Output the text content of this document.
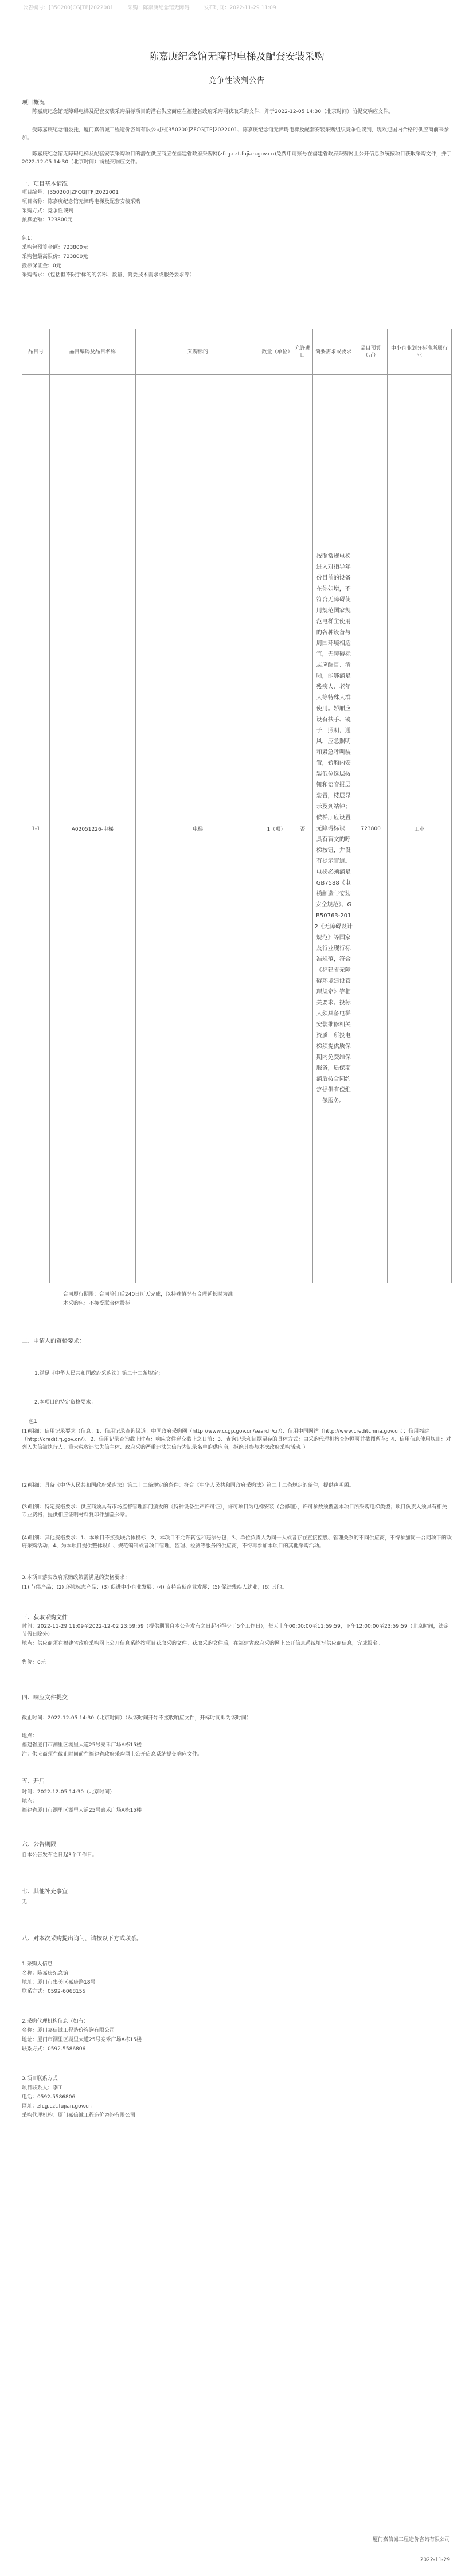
公告编号：[350200]CG[TP]2022001	采购：陈嘉庚纪念馆无障碍	发布时间：2022-11-29 11:09
陈嘉庚纪念馆无障碍电梯及配套安装采购
竞争性谈判公告
项目概况
陈嘉庚纪念馆无障碍电梯及配套安装采购招标项目的潜在供应商应在福建省政府采购网获取采购文件，并于2022-12-05 14:30（北京时间）前提交响应文件。
受陈嘉庚纪念馆委托，厦门嘉信诚工程造价咨询有限公司对[350200]ZFCG[TP]2022001、陈嘉庚纪念馆无障碍电梯及配套安装采购组织竞争性谈判，现欢迎国内合格的供应商前来参加。
陈嘉庚纪念馆无障碍电梯及配套安装采购项目的潜在供应商应在福建省政府采购网(zfcg.czt.fujian.gov.cn)免费申请账号在福建省政府采购网上公开信息系统按项目获取采购文件，并于2022-12-05 14:30（北京时间）前提交响应文件。
一、项目基本情况
项目编号：[350200]ZFCG[TP]2022001
项目名称：陈嘉庚纪念馆无障碍电梯及配套安装采购
采购方式：竞争性谈判
预算金额：723800元
包1：
采购包预算金额：723800元
采购包最高限价：723800元
投标保证金：0元
采购需求：（包括但不限于标的的名称、数量、简要技术需求或服务要求等）
品目号	品目编码及品目名称	采购标的	数量（单位）	允许进口	简要需求或要求	品目预算（元）	中小企业划分标准所属行业
1-1	A02051226-电梯	电梯	1（项）	否	按照常规电梯进入对指导年份目前的设备在你如增，不符合无障碍使用规范国家规范电梯主使用的各种设备与周围环境相适宜，无障碍标志应醒目、清晰，能够满足残疾人、老年人等特殊人群使用。轿厢应设有扶手、镜子，照明，通风，应急照明和紧急呼叫装置，轿厢内安装低位选层按钮和语音报层装置，楼层显示及到站钟；候梯厅应设置无障碍标识，具有盲文的呼梯按钮，并设有提示盲道。电梯必须满足GB7588《电梯制造与安装安全规范》、GB50763-2012《无障碍设计规范》等国家及行业现行标准规范，符合《福建省无障碍环境建设管理规定》等相关要求。投标人须具备电梯安装维修相关资质，所投电梯须提供质保期内免费维保服务，质保期满后按合同约定提供有偿维保服务。	723800	工业
合同履行期限：合同签订后240日历天完成，以特殊情况有合理延长时为准
本采购包：不接受联合体投标
二、申请人的资格要求：
1.满足《中华人民共和国政府采购法》第二十二条规定；
2.本项目的特定资格要求：
包1
(1)明细：信用记录要求（信息：1、信用记录查询渠道：中国政府采购网（http://www.ccgp.gov.cn/search/cr/）、信用中国网站（http://www.creditchina.gov.cn）；信用福建（http://credit.fj.gov.cn/）。2、信用记录查询截止时点：响应文件递交截止之日前；3、查询记录和证据留存的具体方式：由采购代理机构查询网页并截图留存；4、信用信息使用规则：对列入失信被执行人、重大税收违法失信主体、政府采购严重违法失信行为记录名单的供应商，拒绝其参与本次政府采购活动。）
(2)明细：具备《中华人民共和国政府采购法》第二十二条规定的条件：符合《中华人民共和国政府采购法》第二十二条规定的条件，提供声明函。
(3)明细：特定资格要求：供应商须具有市场监督管理部门颁发的《特种设备生产许可证》，许可项目为电梯安装（含修理），许可参数须覆盖本项目所采购电梯类型；项目负责人须具有相关专业资格；提供相应证明材料复印件加盖公章。
(4)明细：其他资格要求：1、本项目不接受联合体投标；2、本项目不允许转包和违法分包；3、单位负责人为同一人或者存在直接控股、管理关系的不同供应商，不得参加同一合同项下的政府采购活动；4、为本项目提供整体设计、规范编制或者项目管理、监理、检测等服务的供应商，不得再参加本项目的其他采购活动。
3.本项目落实政府采购政策需满足的资格要求：
(1) 节能产品；(2) 环境标志产品；(3) 促进中小企业发展；(4) 支持监狱企业发展；(5) 促进残疾人就业；(6) 其他。
三、获取采购文件
时间：2022-11-29 11:09至2022-12-02 23:59:59（提供期限自本公告发布之日起不得少于5个工作日），每天上午00:00:00至11:59:59，下午12:00:00至23:59:59（北京时间，法定节假日除外）
地点：供应商须在福建省政府采购网上公开信息系统按项目获取采购文件。获取采购文件后，在福建省政府采购网上公开信息系统填写供应商信息，完成报名。
售价：0元
四、响应文件提交
截止时间：2022-12-05 14:30（北京时间）（从该时间开始不接收响应文件，开标时间即为该时间）
地点：
福建省厦门市湖里区湖里大道25号泰禾广场A栋15楼
注：供应商须在截止时间前在福建省政府采购网上公开信息系统提交响应文件。
五、开启
时间：2022-12-05 14:30（北京时间）
地点：
福建省厦门市湖里区湖里大道25号泰禾广场A栋15楼
六、公告期限
自本公告发布之日起3个工作日。
七、其他补充事宜
无
八、对本次采购提出询问，请按以下方式联系。
1.采购人信息
名称：陈嘉庚纪念馆
地址：厦门市集美区嘉庚路18号
联系方式：0592-6068155
2.采购代理机构信息（如有）
名称：厦门嘉信诚工程造价咨询有限公司
地址：厦门市湖里区湖里大道25号泰禾广场A栋15楼
联系方式：0592-5586806
3.项目联系方式
项目联系人：李工
电话：0592-5586806
网址：zfcg.czt.fujian.gov.cn
采购代理机构：厦门嘉信诚工程造价咨询有限公司
厦门嘉信诚工程造价咨询有限公司
2022-11-29
